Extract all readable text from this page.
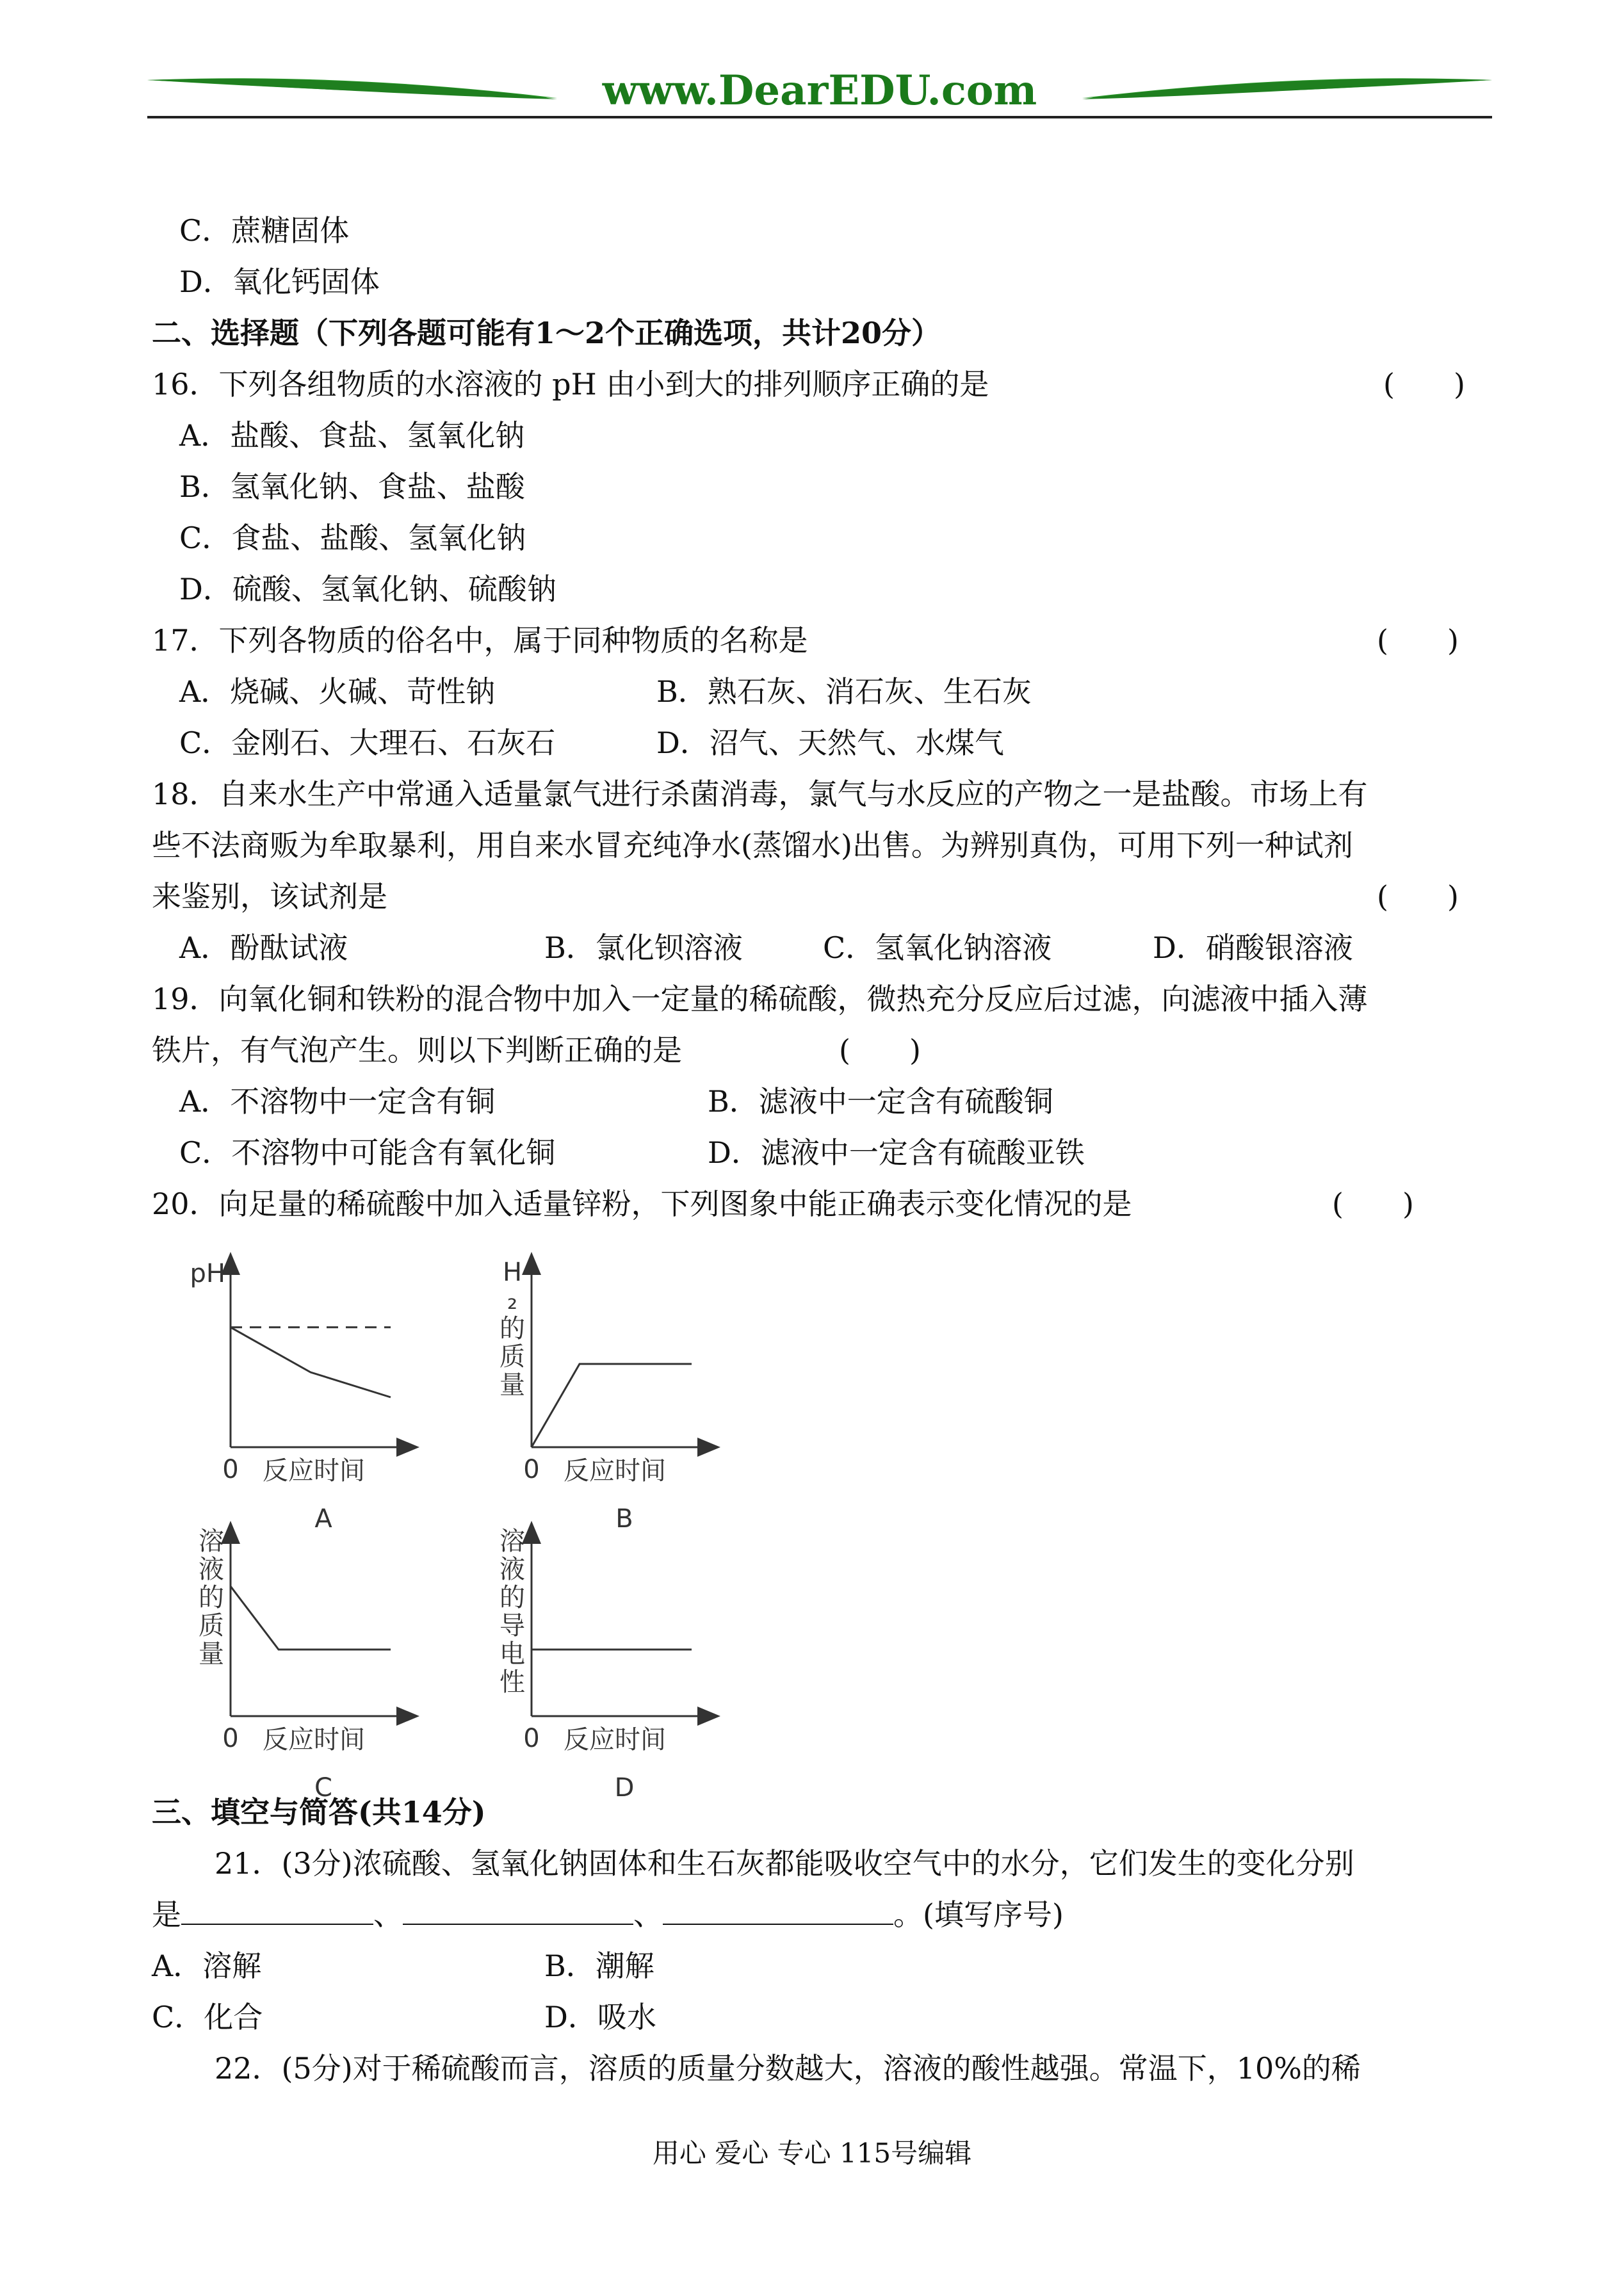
www.DearEDU.com
C．蔗糖固体
D．氧化钙固体
二、选择题（下列各题可能有1～2个正确选项，共计20分）
16．下列各组物质的水溶液的 pH 由小到大的排列顺序正确的是	(　　)
A．盐酸、食盐、氢氧化钠
B．氢氧化钠、食盐、盐酸
C．食盐、盐酸、氢氧化钠
D．硫酸、氢氧化钠、硫酸钠
17．下列各物质的俗名中，属于同种物质的名称是	(　　)
A．烧碱、火碱、苛性钠	B．熟石灰、消石灰、生石灰
C．金刚石、大理石、石灰石	D．沼气、天然气、水煤气
18．自来水生产中常通入适量氯气进行杀菌消毒，氯气与水反应的产物之一是盐酸。市场上有
些不法商贩为牟取暴利，用自来水冒充纯净水(蒸馏水)出售。为辨别真伪，可用下列一种试剂
来鉴别，该试剂是	(　　)
A．酚酞试液	B．氯化钡溶液	C．氢氧化钠溶液	D．硝酸银溶液
19．向氧化铜和铁粉的混合物中加入一定量的稀硫酸，微热充分反应后过滤，向滤液中插入薄
铁片，有气泡产生。则以下判断正确的是	(　　)
A．不溶物中一定含有铜	B．滤液中一定含有硫酸铜
C．不溶物中可能含有氧化铜	D．滤液中一定含有硫酸亚铁
20．向足量的稀硫酸中加入适量锌粉，下列图象中能正确表示变化情况的是	(　　)
0 反应时间
pH
A
0 反应时间
H ₂ 的质量
B
0 反应时间
溶液的质量
C
0 反应时间
溶液的导电性
D
三、填空与简答(共14分)
21．(3分)浓硫酸、氢氧化钠固体和生石灰都能吸收空气中的水分，它们发生的变化分别
是	、	、	。(填写序号)
A．溶解	B．潮解
C．化合	D．吸水
22．(5分)对于稀硫酸而言，溶质的质量分数越大，溶液的酸性越强。常温下，10%的稀
用心 爱心 专心 115号编辑
